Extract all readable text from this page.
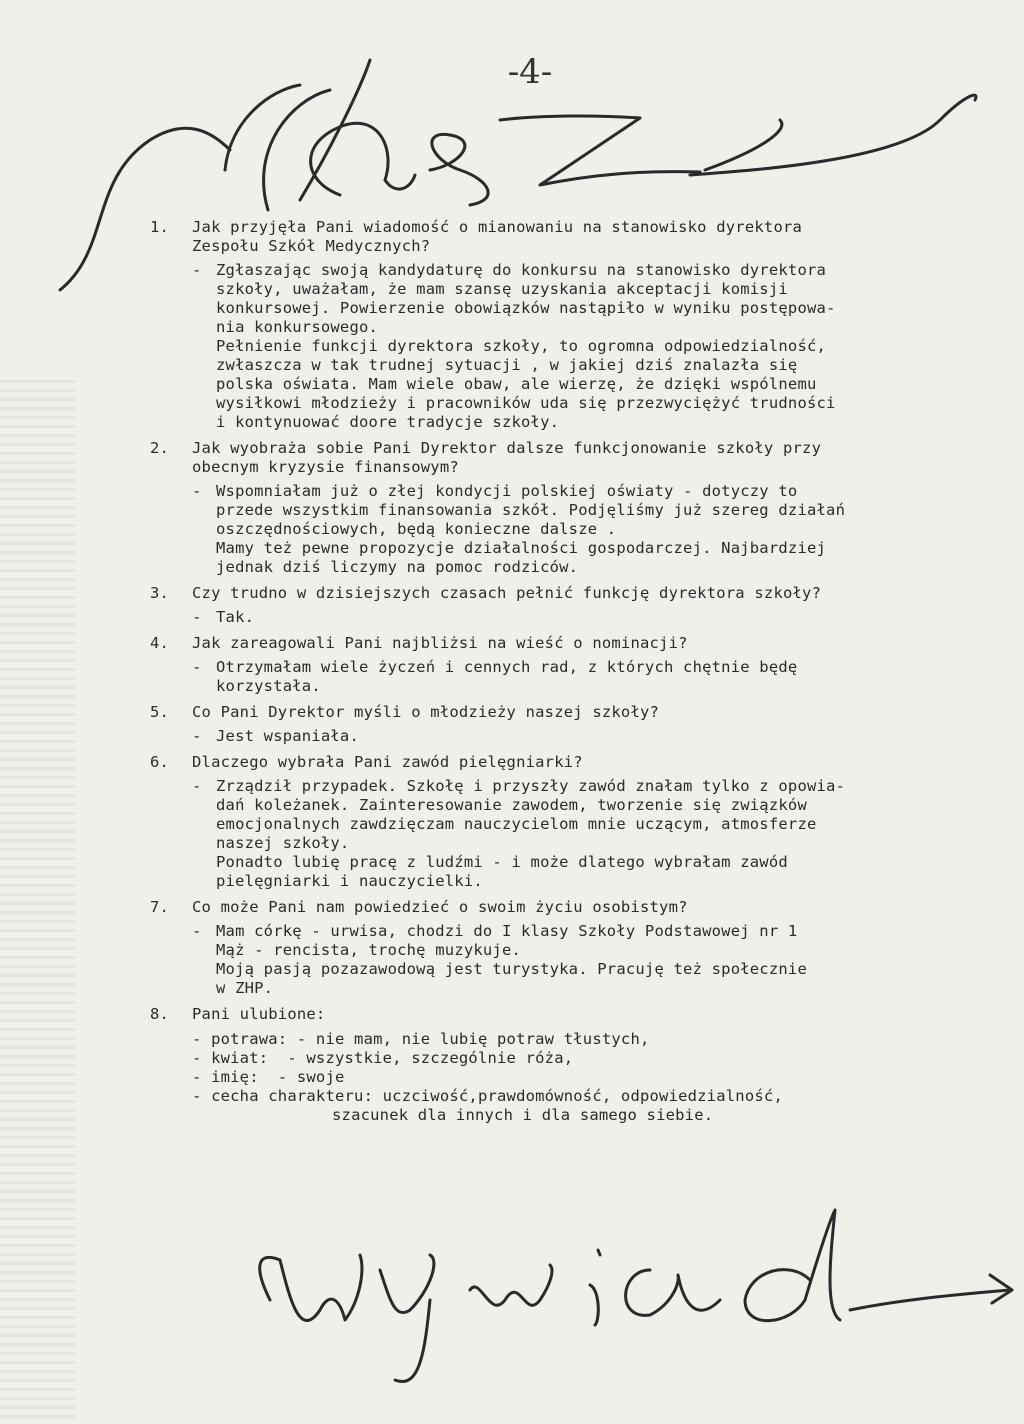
-4-
1.	Jak przyjęła Pani wiadomość o mianowaniu na stanowisko dyrektora
Zespołu Szkół Medycznych?
- Zgłaszając swoją kandydaturę do konkursu na stanowisko dyrektora
szkoły, uważałam, że mam szansę uzyskania akceptacji komisji
konkursowej. Powierzenie obowiązków nastąpiło w wyniku postępowa-
nia konkursowego.
Pełnienie funkcji dyrektora szkoły, to ogromna odpowiedzialność,
zwłaszcza w tak trudnej sytuacji , w jakiej dziś znalazła się
polska oświata. Mam wiele obaw, ale wierzę, że dzięki wspólnemu
wysiłkowi młodzieży i pracowników uda się przezwyciężyć trudności
i kontynuować doore tradycje szkoły.
2.	Jak wyobraża sobie Pani Dyrektor dalsze funkcjonowanie szkoły przy
obecnym kryzysie finansowym?
- Wspomniałam już o złej kondycji polskiej oświaty - dotyczy to
przede wszystkim finansowania szkół. Podjęliśmy już szereg działań
oszczędnościowych, będą konieczne dalsze .
Mamy też pewne propozycje działalności gospodarczej. Najbardziej
jednak dziś liczymy na pomoc rodziców.
3.	Czy trudno w dzisiejszych czasach pełnić funkcję dyrektora szkoły?
- Tak.
4.	Jak zareagowali Pani najbliżsi na wieść o nominacji?
- Otrzymałam wiele życzeń i cennych rad, z których chętnie będę
korzystała.
5.	Co Pani Dyrektor myśli o młodzieży naszej szkoły?
- Jest wspaniała.
6.	Dlaczego wybrała Pani zawód pielęgniarki?
- Zrządził przypadek. Szkołę i przyszły zawód znałam tylko z opowia-
dań koleżanek. Zainteresowanie zawodem, tworzenie się związków
emocjonalnych zawdzięczam nauczycielom mnie uczącym, atmosferze
naszej szkoły.
Ponadto lubię pracę z ludźmi - i może dlatego wybrałam zawód
pielęgniarki i nauczycielki.
7.	Co może Pani nam powiedzieć o swoim życiu osobistym?
- Mam córkę - urwisa, chodzi do I klasy Szkoły Podstawowej nr 1
Mąż - rencista, trochę muzykuje.
Moją pasją pozazawodową jest turystyka. Pracuję też społecznie
w ZHP.
8.	Pani ulubione:
- potrawa: - nie mam, nie lubię potraw tłustych,
- kwiat:  - wszystkie, szczególnie róża,
- imię:  - swoje
- cecha charakteru: uczciwość,prawdomówność, odpowiedzialność,
szacunek dla innych i dla samego siebie.
